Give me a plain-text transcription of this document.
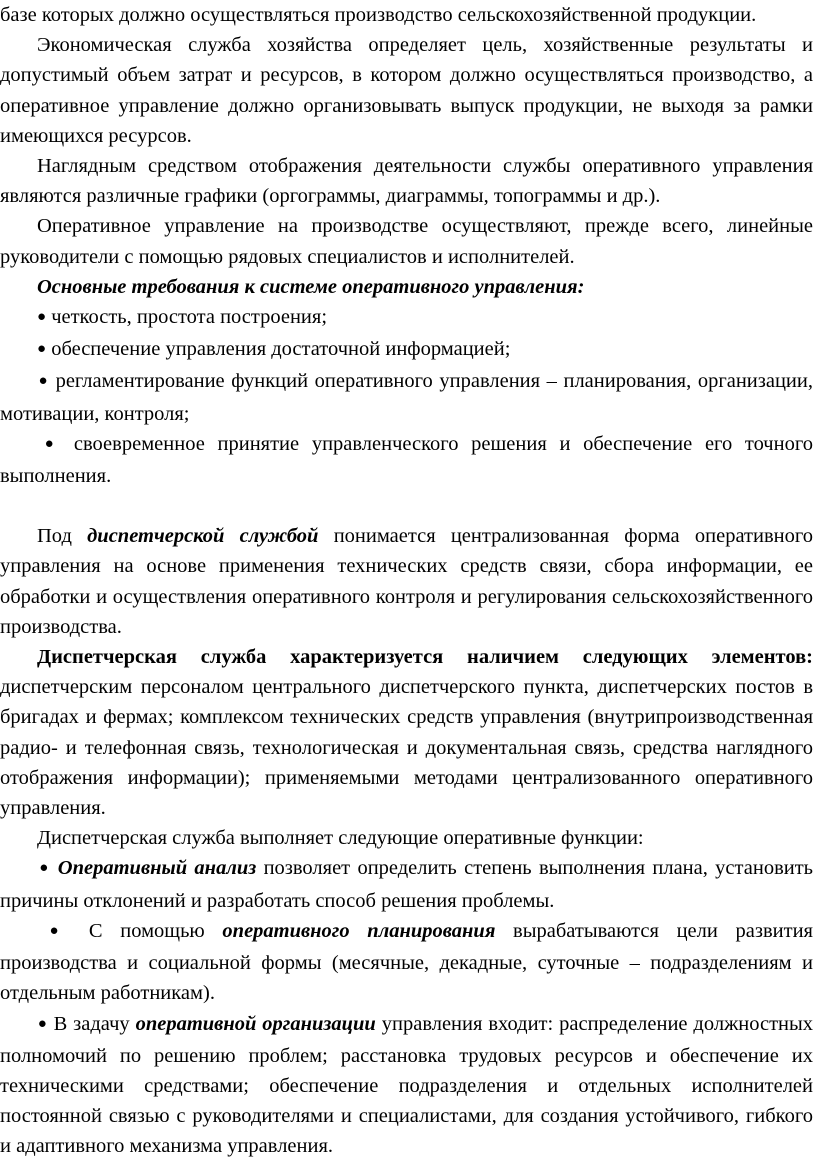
базе которых должно осуществляться производство сельскохозяйственной продукции.

Экономическая служба хозяйства определяет цель, хозяйственные результаты и допустимый объем затрат и ресурсов, в котором должно осуществляться производство, а оперативное управление должно организовывать выпуск продукции, не выходя за рамки имеющихся ресурсов.

Наглядным средством отображения деятельности службы оперативного управления являются различные графики (оргограммы, диаграммы, топограммы и др.).

Оперативное управление на производстве осуществляют, прежде всего, линейные руководители с помощью рядовых специалистов и исполнителей.

Основные требования к системе оперативного управления:

● четкость, простота построения;

● обеспечение управления достаточной информацией;

● регламентирование функций оперативного управления – планирования, организации, мотивации, контроля;

● своевременное принятие управленческого решения и обеспечение его точного выполнения.

Под диспетчерской службой понимается централизованная форма оперативного управления на основе применения технических средств связи, сбора информации, ее обработки и осуществления оперативного контроля и регулирования сельскохозяйственного производства.

Диспетчерская служба характеризуется наличием следующих элементов: диспетчерским персоналом центрального диспетчерского пункта, диспетчерских постов в бригадах и фермах; комплексом технических средств управления (внутрипроизводственная радио- и телефонная связь, технологическая и документальная связь, средства наглядного отображения информации); применяемыми методами централизованного оперативного управления.

Диспетчерская служба выполняет следующие оперативные функции:

● Оперативный анализ позволяет определить степень выполнения плана, установить причины отклонений и разработать способ решения проблемы.

● С помощью оперативного планирования вырабатываются цели развития производства и социальной формы (месячные, декадные, суточные – подразделениям и отдельным работникам).

● В задачу оперативной организации управления входит: распределение должностных полномочий по решению проблем; расстановка трудовых ресурсов и обеспечение их техническими средствами; обеспечение подразделения и отдельных исполнителей постоянной связью с руководителями и специалистами, для создания устойчивого, гибкого и адаптивного механизма управления.
